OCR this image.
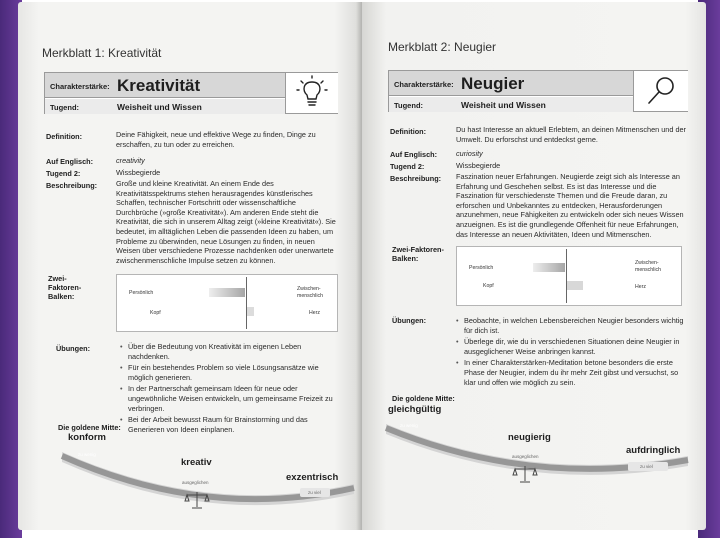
Merkblatt 1: Kreativität
Charakterstärke: Kreativität
Tugend:	Weisheit und Wissen
Definition:	Deine Fähigkeit, neue und effektive Wege zu finden, Dinge zu erschaffen, zu tun oder zu erreichen.
Auf Englisch:	creativity
Tugend 2:	Wissbegierde
Beschreibung:	Große und kleine Kreativität. An einem Ende des Kreativitätsspektrums stehen herausragendes künstlerisches Schaffen, technischer Fortschritt oder wissenschaftliche Durchbrüche (»große Kreativität«). Am anderen Ende steht die Kreativität, die sich in unserem Alltag zeigt (»kleine Kreativität«). Sie bedeutet, im alltäglichen Leben die passenden Ideen zu haben, um Probleme zu überwinden, neue Lösungen zu finden, in neuen Weisen über verschiedene Prozesse nachdenken oder unerwartete zwischenmenschliche Impulse setzen zu können.
Zwei-Faktoren-Balken:	Persönlich
Kopf
Zwischen-menschlich
Herz
Übungen:	• Über die Bedeutung von Kreativität im eigenen Leben nachdenken.
• Für ein bestehendes Problem so viele Lösungsansätze wie möglich generieren.
• In der Partnerschaft gemeinsam Ideen für neue oder ungewöhnliche Weisen entwickeln, um gemeinsame Freizeit zu verbringen.
• Bei der Arbeit bewusst Raum für Brainstorming und das Generieren von Ideen einplanen.
Die goldene Mitte:
konform
zu wenig
kreativ
ausgeglichen	exzentrisch
zu viel
Merkblatt 2: Neugier
Charakterstärke: Neugier
Tugend:	Weisheit und Wissen
Definition:	Du hast Interesse an aktuell Erlebtem, an deinen Mitmenschen und der Umwelt. Du erforschst und entdeckst gerne.
Auf Englisch:	curiosity
Tugend 2:	Wissbegierde
Beschreibung: Faszination neuer Erfahrungen. Neugierde zeigt sich als Interesse an Erfahrung und Geschehen selbst. Es ist das Interesse und die Faszination für verschiedenste Themen und die Freude daran, zu erforschen und Unbekanntes zu entdecken, Herausforderungen anzunehmen, neue Fähigkeiten zu entwickeln oder sich neues Wissen anzueignen. Es ist die grundlegende Offenheit für neue Erfahrungen, das Interesse an neuen Aktivitäten, Ideen und Mitmenschen.
Zwei-Faktoren-Balken:
Persönlich
Kopf
Zwischen-menschlich
Herz
Übungen:	• Beobachte, in welchen Lebensbereichen Neugier besonders wichtig für dich ist.
• Überlege dir, wie du in verschiedenen Situationen deine Neugier in ausgeglichener Weise anbringen kannst.
• In einer Charakterstärken-Meditation betone besonders die erste Phase der Neugier, indem du ihr mehr Zeit gibst und versuchst, so klar und offen wie möglich zu sein.
Die goldene Mitte:
gleichgültig
zu wenig
neugierig
ausgeglichen
aufdringlich
zu viel
